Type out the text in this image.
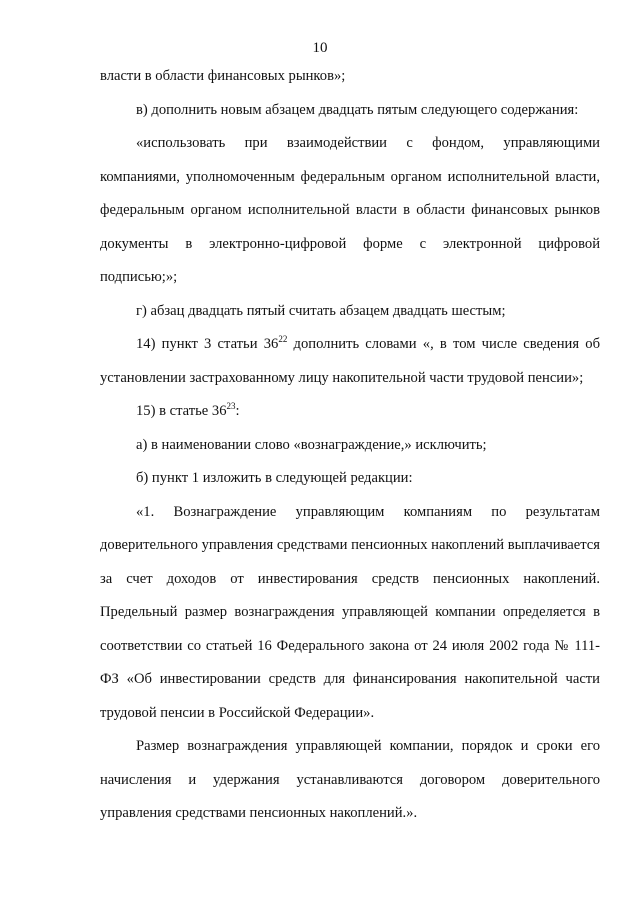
10

власти в области финансовых рынков»;

в) дополнить новым абзацем двадцать пятым следующего содержания:

«использовать при взаимодействии с фондом, управляющими компаниями, уполномоченным федеральным органом исполнительной власти, федеральным органом исполнительной власти в области финансовых рынков документы в электронно-цифровой форме с электронной цифровой подписью;»;

г) абзац двадцать пятый считать абзацем двадцать шестым;

14) пункт 3 статьи $36^{22}$ дополнить словами «, в том числе сведения об установлении застрахованному лицу накопительной части трудовой пенсии»;

15) в статье $36^{23}$:

а) в наименовании слово «вознаграждение,» исключить;

б) пункт 1 изложить в следующей редакции:

«1. Вознаграждение управляющим компаниям по результатам доверительного управления средствами пенсионных накоплений выплачивается за счет доходов от инвестирования средств пенсионных накоплений. Предельный размер вознаграждения управляющей компании определяется в соответствии со статьей 16 Федерального закона от 24 июля 2002 года № 111-ФЗ «Об инвестировании средств для финансирования накопительной части трудовой пенсии в Российской Федерации».

Размер вознаграждения управляющей компании, порядок и сроки его начисления и удержания устанавливаются договором доверительного управления средствами пенсионных накоплений.».
